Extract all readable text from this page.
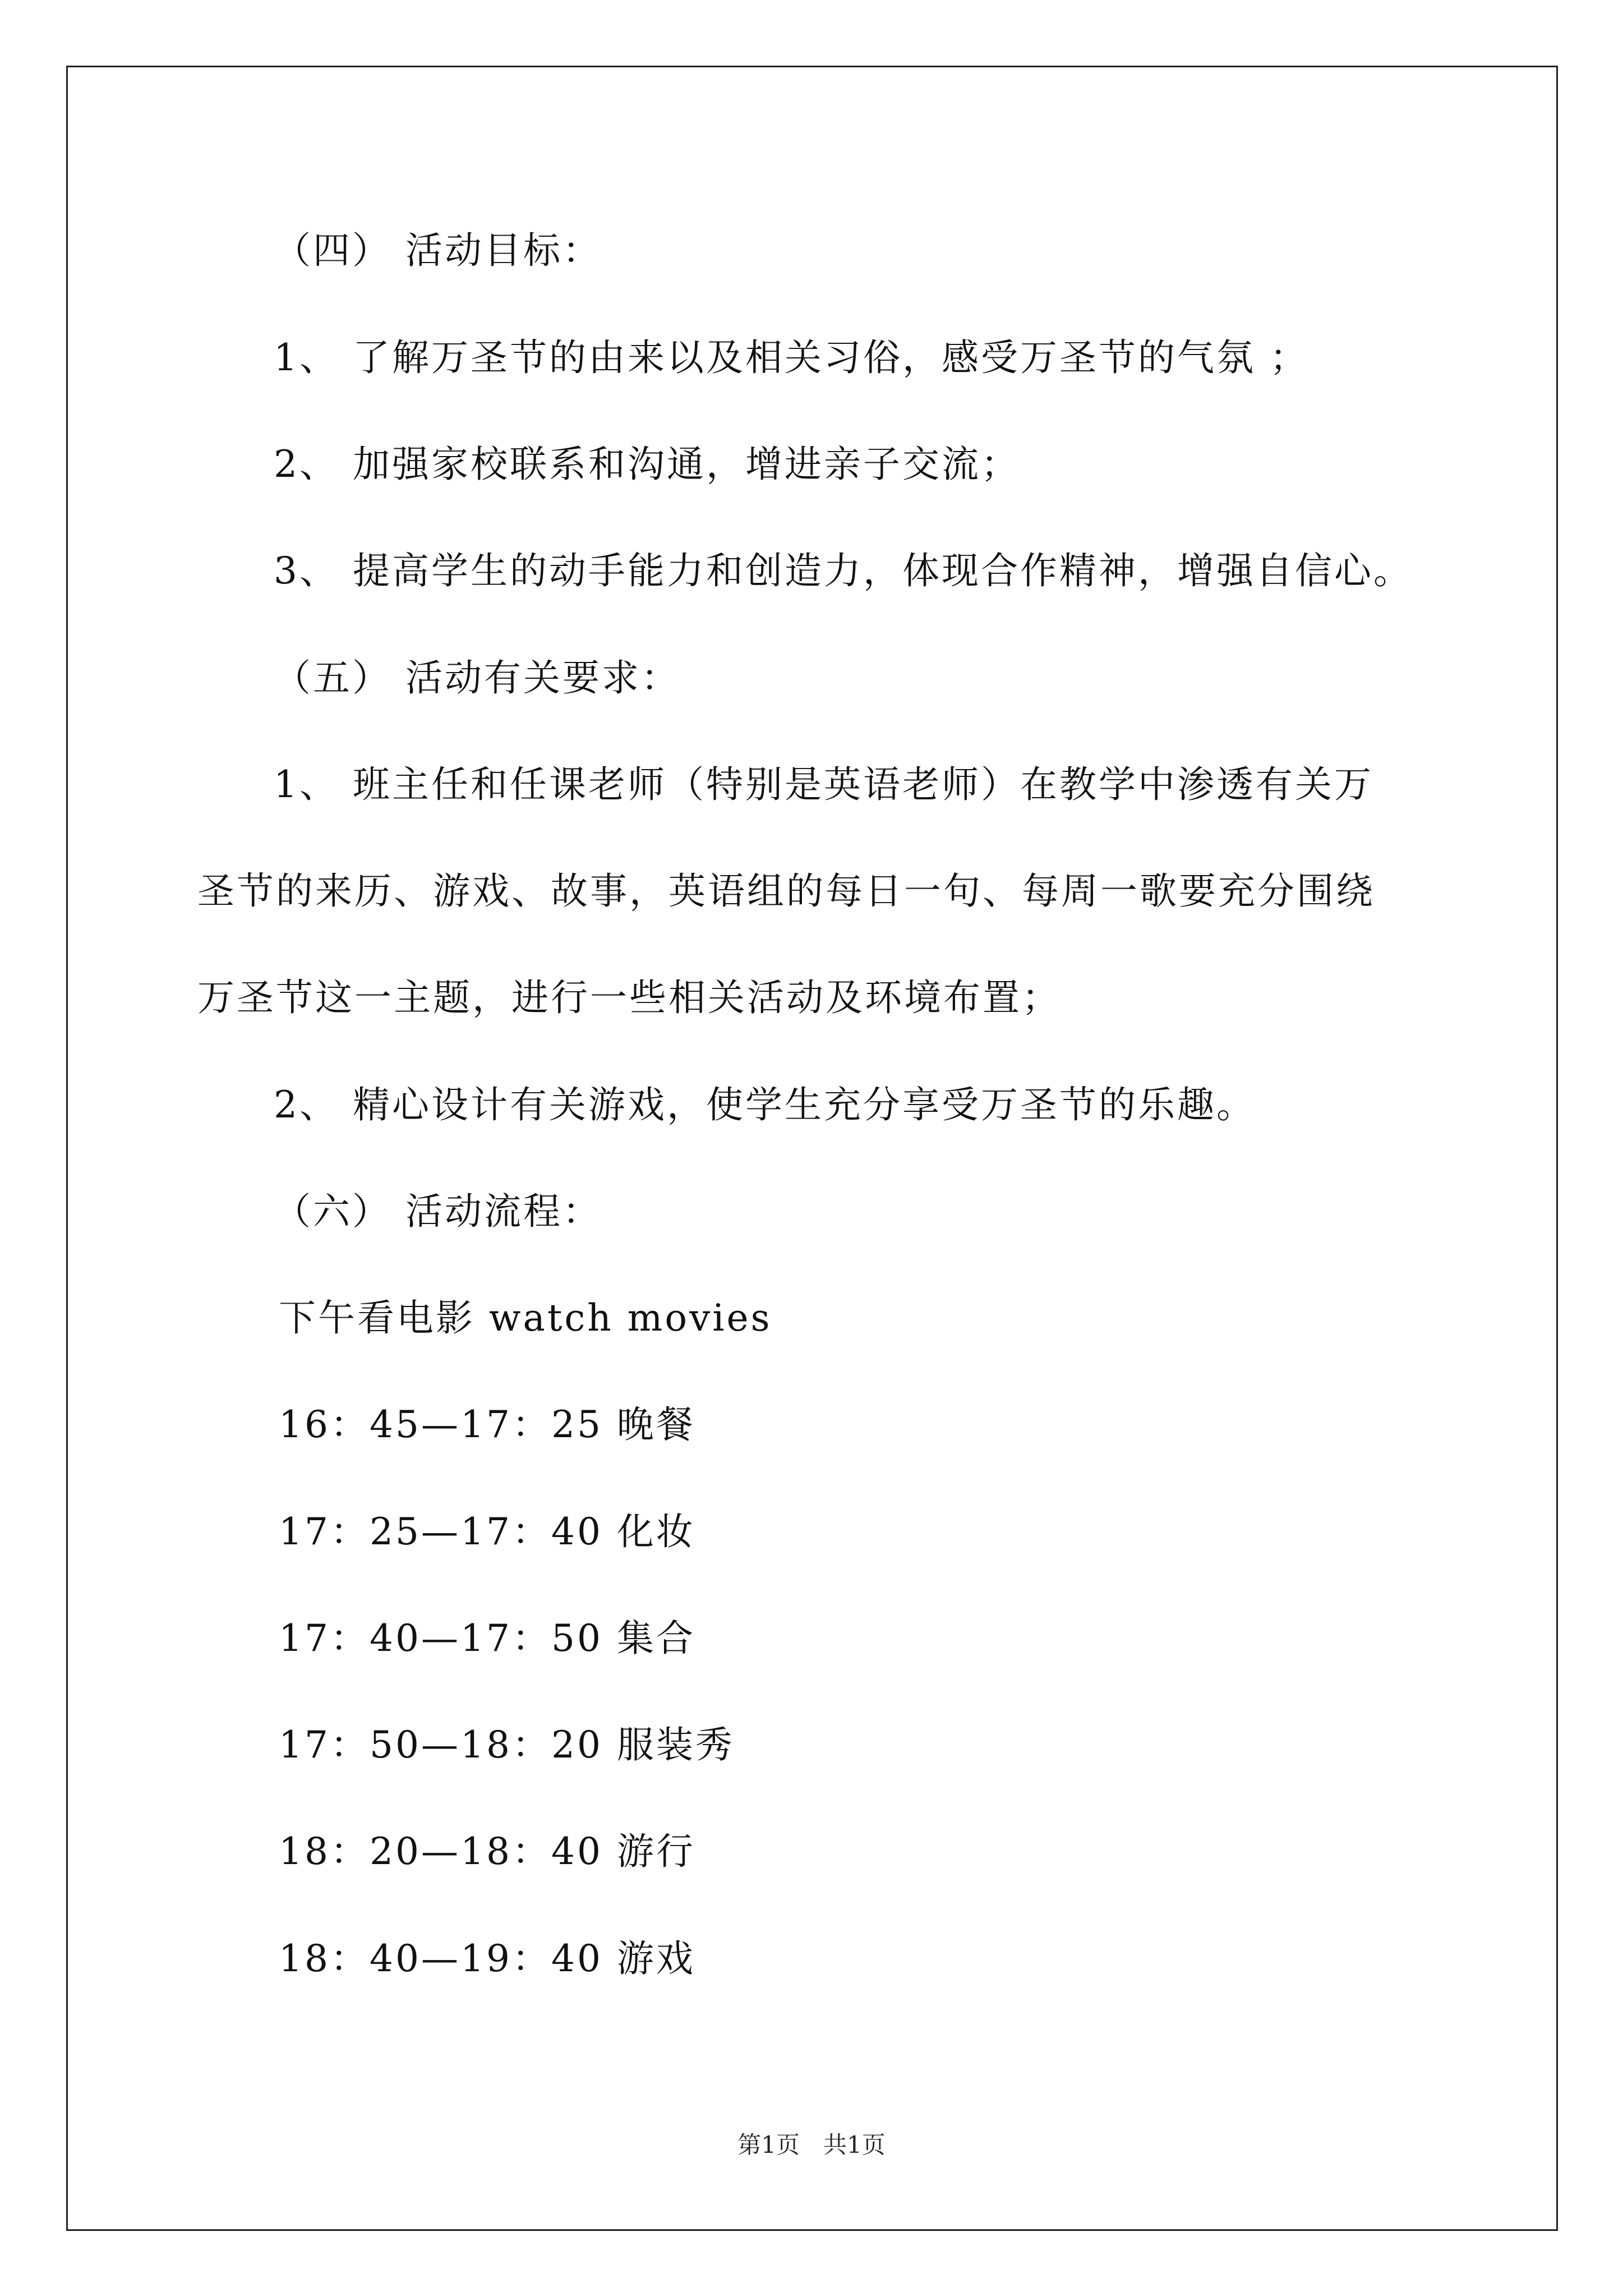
（四） 活动目标：
1、 了解万圣节的由来以及相关习俗，感受万圣节的气氛 ；
2、 加强家校联系和沟通，增进亲子交流；
3、 提高学生的动手能力和创造力，体现合作精神，增强自信心。
（五） 活动有关要求：
1、 班主任和任课老师（特别是英语老师）在教学中渗透有关万
圣节的来历、游戏、故事，英语组的每日一句、每周一歌要充分围绕
万圣节这一主题，进行一些相关活动及环境布置；
2、 精心设计有关游戏，使学生充分享受万圣节的乐趣。
（六） 活动流程：
下午看电影 watch movies
16：45—17：25 晚餐
17：25—17：40 化妆
17：40—17：50 集合
17：50—18：20 服装秀
18：20—18：40 游行
18：40—19：40 游戏
第1页　共1页
